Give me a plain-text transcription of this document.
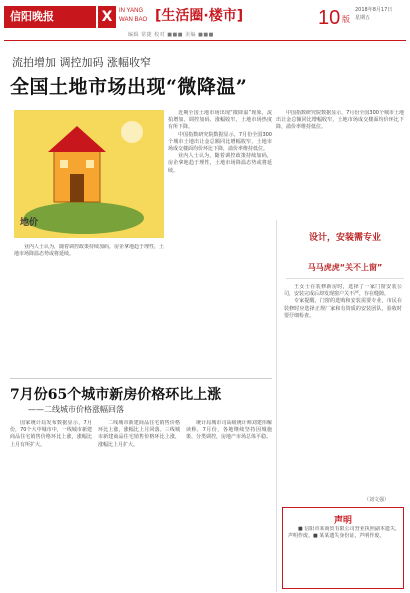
信阳晚报	X	IN YANG
WAN BAO [生活圈·楼市]	10 版
2018年8月17日
星期五
编辑 常捷 校对 ■■■ 美编 ■■■
流拍增加 调控加码 涨幅收窄
全国土地市场出现“微降温”
地价

近期全国土地市场出现“微降温”现象，流拍增加、调控加码、涨幅收窄，土地市场热度有所下降。

中国指数研究院数据显示，7月份全国300个城市土地出让金总额同比增幅收窄，土地市场成交楼面均价环比下降，溢价率维持低位。

业内人士认为，随着调控政策持续加码，房企拿地趋于理性，土地市场降温态势或将延续。

业内人士认为，随着调控政策持续加码，房企拿地趋于理性，土地市场降温态势或将延续。

中国指数研究院数据显示，7月份全国300个城市土地出让金总额同比增幅收窄，土地市场成交楼面均价环比下降，溢价率维持低位。

7月份65个城市新房价格环比上涨
——二线城市价格涨幅回落

国家统计局发布数据显示，7月份，70个大中城市中，一线城市新建商品住宅销售价格环比上涨，涨幅比上月有所扩大。

二线城市新建商品住宅销售价格环比上涨，涨幅比上月回落。三线城市新建商品住宅销售价格环比上涨，涨幅比上月扩大。

统计局城市司高级统计师刘建伟解读称，7月份，各地继续坚持因城施策、分类调控，房地产市场总体平稳。

设计，安装需专业
马马虎虎“关不上窗”

王女士在装修新房时，选择了一家门窗安装公司，安装完成后却发现窗户关不严，存在缝隙。

专家提醒，门窗的选购和安装需要专业，市民在装修时应选择正规厂家和有资质的安装团队，验收时要仔细检查。

（刘文强）
声明

■ 信阳市某商贸有限公司营业执照副本遗失，声明作废。■ 某某遗失身份证，声明作废。
